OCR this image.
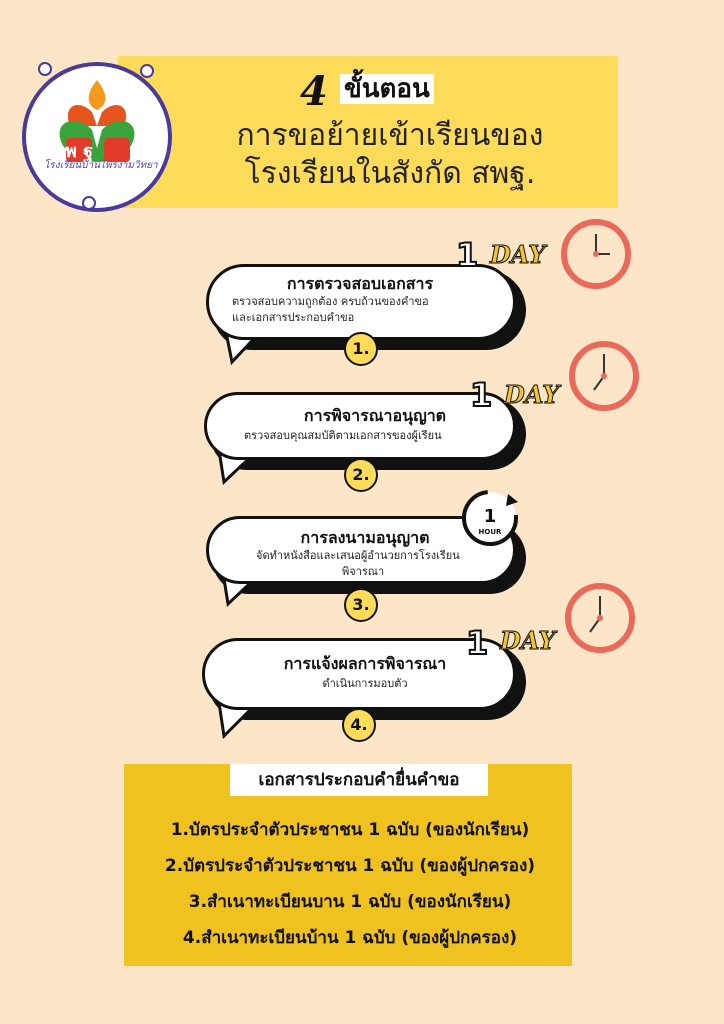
พ ฐ
โรงเรียนบ้านไพรงามวิทยา
4 ขั้นตอน
การขอย้ายเข้าเรียนของ
โรงเรียนในสังกัด สพฐ.
การตรวจสอบเอกสาร
ตรวจสอบความถูกต้อง ครบถ้วนของคำขอ
และเอกสารประกอบคำขอ
1.
1 DAY
การพิจารณาอนุญาต
ตรวจสอบคุณสมบัติตามเอกสารของผู้เรียน
2.
1 DAY
การลงนามอนุญาต
จัดทำหนังสือและเสนอผู้อำนวยการโรงเรียน
พิจารณา
3.
1
HOUR
การแจ้งผลการพิจารณา
ดำเนินการมอบตัว
4.
1 DAY
เอกสารประกอบคำยื่นคำขอ
1.บัตรประจำตัวประชาชน 1 ฉบับ (ของนักเรียน)
2.บัตรประจำตัวประชาชน 1 ฉบับ (ของผู้ปกครอง)
3.สำเนาทะเบียนบาน 1 ฉบับ (ของนักเรียน)
4.สำเนาทะเบียนบ้าน 1 ฉบับ (ของผู้ปกครอง)
